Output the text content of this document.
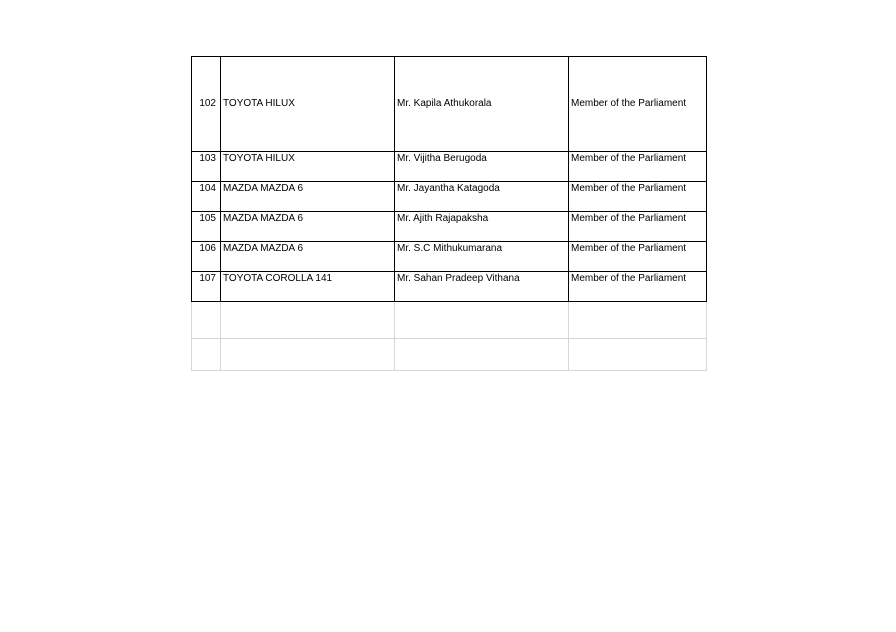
102	TOYOTA HILUX	Mr. Kapila Athukorala	Member of the Parliament
103	TOYOTA HILUX	Mr. Vijitha Berugoda	Member of the Parliament
104	MAZDA MAZDA 6	Mr. Jayantha Katagoda	Member of the Parliament
105	MAZDA MAZDA 6	Mr. Ajith Rajapaksha	Member of the Parliament
106	MAZDA MAZDA 6	Mr. S.C Mithukumarana	Member of the Parliament
107	TOYOTA COROLLA 141	Mr. Sahan Pradeep Vithana	Member of the Parliament
